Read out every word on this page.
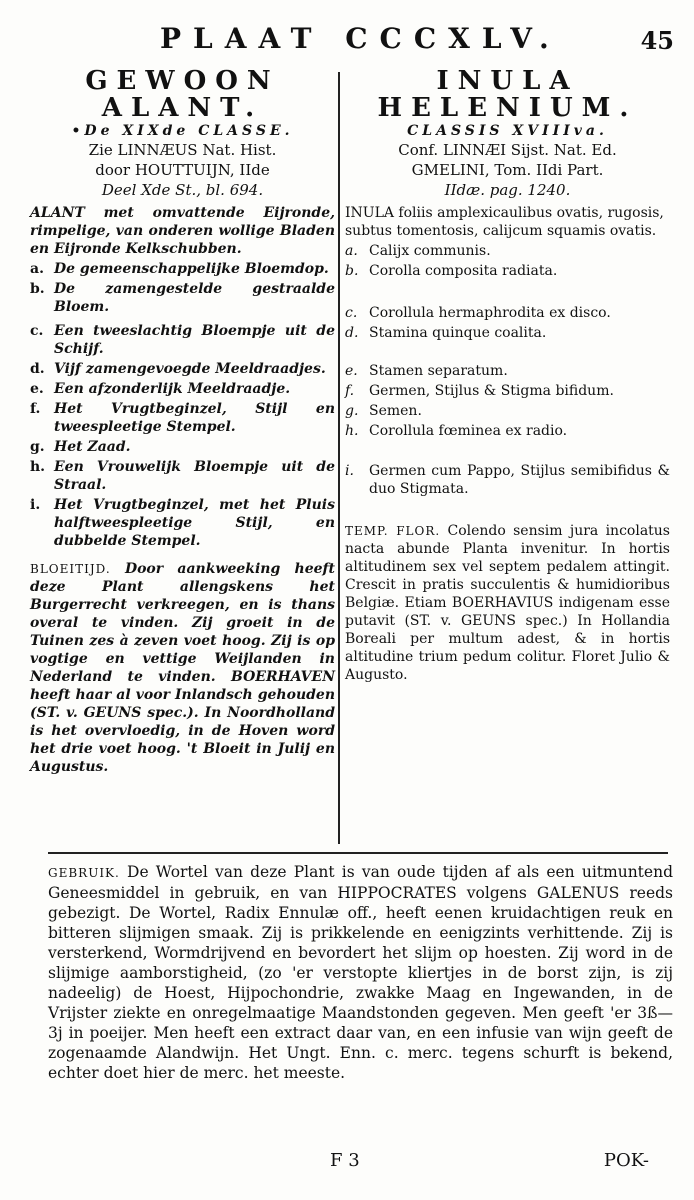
PLAAT CCCXLV.	45
GEWOON
ALANT.
•De XIXde CLASSE.
Zie LINNÆUS Nat. Hist.
door HOUTTUIJN, IIde
Deel Xde St., bl. 694.
ALANT met omvattende Eijronde, rimpelige, van onderen wollige Bladen en Eijronde Kelkschubben.
a. De gemeenschappelijke Bloemdop.
b. De zamengestelde gestraalde Bloem.
c. Een tweeslachtig Bloempje uit de Schijf.
d. Vijf zamengevoegde Meeldraadjes.
e. Een afzonderlijk Meeldraadje.
f. Het Vrugtbeginzel, Stijl en tweespleetige Stempel.
g. Het Zaad.
h. Een Vrouwelijk Bloempje uit de Straal.
i. Het Vrugtbeginzel, met het Pluis halftweespleetige Stijl, en dubbelde Stempel.
BLOEITIJD. Door aankweeking heeft deze Plant allengskens het Burgerrecht verkreegen, en is thans overal te vinden. Zij groeit in de Tuinen zes à zeven voet hoog. Zij is op vogtige en vettige Weijlanden in Nederland te vinden. BOERHAVEN heeft haar al voor Inlandsch gehouden (ST. v. GEUNS spec.). In Noordholland is het overvloedig, in de Hoven word het drie voet hoog. 't Bloeit in Julij en Augustus.
INULA
HELENIUM.
CLASSIS XVIIIva.
Conf. LINNÆI Sijst. Nat. Ed.
GMELINI, Tom. IIdi Part.
IIdæ. pag. 1240.
INULA foliis amplexicaulibus ovatis, rugosis, subtus tomentosis, calijcum squamis ovatis.
a. Calijx communis.
b. Corolla composita radiata.
c. Corollula hermaphrodita ex disco.
d. Stamina quinque coalita.
e. Stamen separatum.
f.	Germen, Stijlus & Stigma bifidum.
g. Semen.
h. Corollula fœminea ex radio.
i.	Germen cum Pappo, Stijlus semibifidus & duo Stigmata.
TEMP. FLOR. Colendo sensim jura incolatus nacta abunde Planta invenitur. In hortis altitudinem sex vel septem pedalem attingit. Crescit in pratis succulentis & humidioribus Belgiæ. Etiam BOERHAVIUS indigenam esse putavit (ST. v. GEUNS spec.) In Hollandia Boreali per multum adest, & in hortis altitudine trium pedum colitur. Floret Julio & Augusto.
GEBRUIK. De Wortel van deze Plant is van oude tijden af als een uitmuntend Geneesmiddel in gebruik, en van HIPPOCRATES volgens GALENUS reeds gebezigt. De Wortel, Radix Ennulæ off., heeft eenen kruidachtigen reuk en bitteren slijmigen smaak. Zij is prikkelende en eenigzints verhittende. Zij is versterkend, Wormdrijvend en bevordert het slijm op hoesten. Zij word in de slijmige aamborstigheid, (zo 'er verstopte kliertjes in de borst zijn, is zij nadeelig) de Hoest, Hijpochondrie, zwakke Maag en Ingewanden, in de Vrijster ziekte en onregelmaatige Maandstonden gegeven. Men geeft 'er 3ß—3j in poeijer. Men heeft een extract daar van, en een infusie van wijn geeft de zogenaamde Alandwijn. Het Ungt. Enn. c. merc. tegens schurft is bekend, echter doet hier de merc. het meeste.
F 3	POK-
